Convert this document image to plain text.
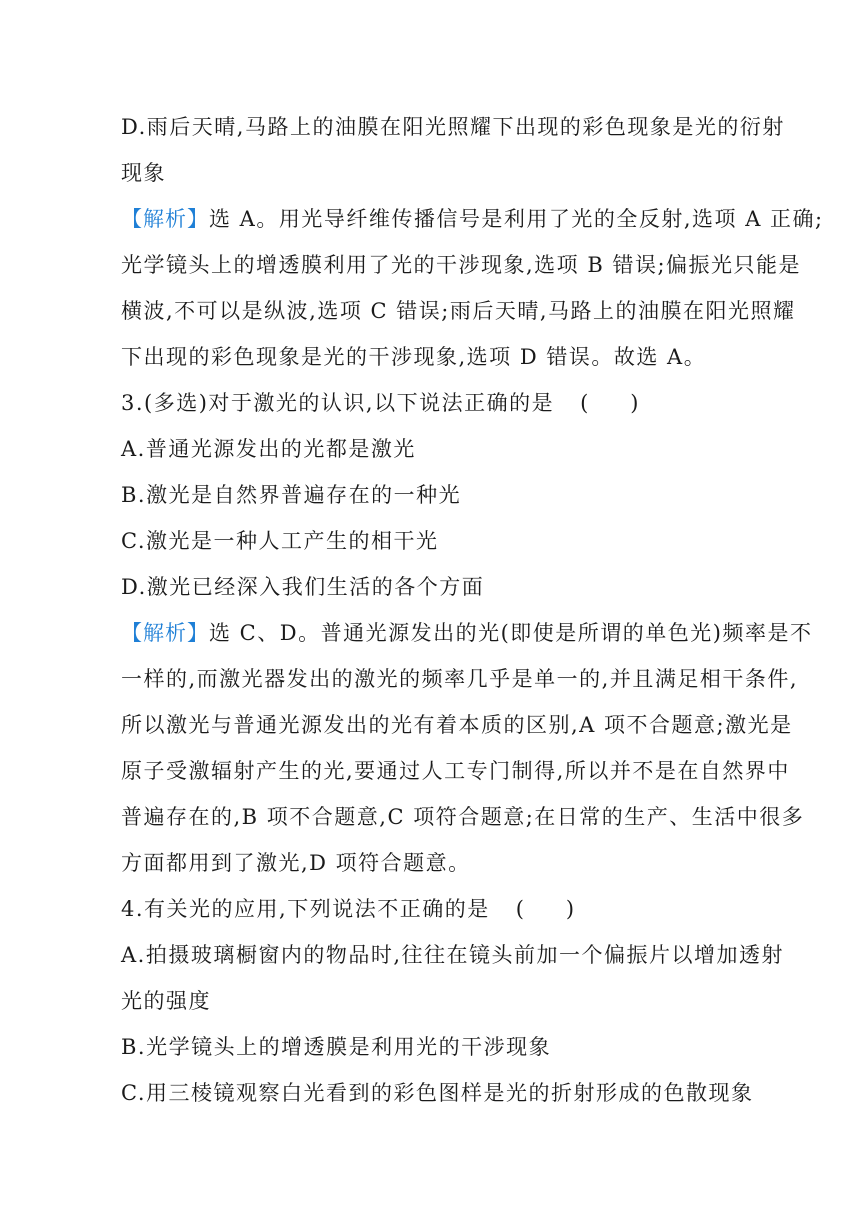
D.雨后天晴,马路上的油膜在阳光照耀下出现的彩色现象是光的衍射
现象
【解析】选 A。用光导纤维传播信号是利用了光的全反射,选项 A 正确;
光学镜头上的增透膜利用了光的干涉现象,选项 B 错误;偏振光只能是
横波,不可以是纵波,选项 C 错误;雨后天晴,马路上的油膜在阳光照耀
下出现的彩色现象是光的干涉现象,选项 D 错误。故选 A。
3.(多选)对于激光的认识,以下说法正确的是 (　　)
A.普通光源发出的光都是激光
B.激光是自然界普遍存在的一种光
C.激光是一种人工产生的相干光
D.激光已经深入我们生活的各个方面
【解析】选 C、D。普通光源发出的光(即使是所谓的单色光)频率是不
一样的,而激光器发出的激光的频率几乎是单一的,并且满足相干条件,
所以激光与普通光源发出的光有着本质的区别,A 项不合题意;激光是
原子受激辐射产生的光,要通过人工专门制得,所以并不是在自然界中
普遍存在的,B 项不合题意,C 项符合题意;在日常的生产、生活中很多
方面都用到了激光,D 项符合题意。
4.有关光的应用,下列说法不正确的是 (　　)
A.拍摄玻璃橱窗内的物品时,往往在镜头前加一个偏振片以增加透射
光的强度
B.光学镜头上的增透膜是利用光的干涉现象
C.用三棱镜观察白光看到的彩色图样是光的折射形成的色散现象
